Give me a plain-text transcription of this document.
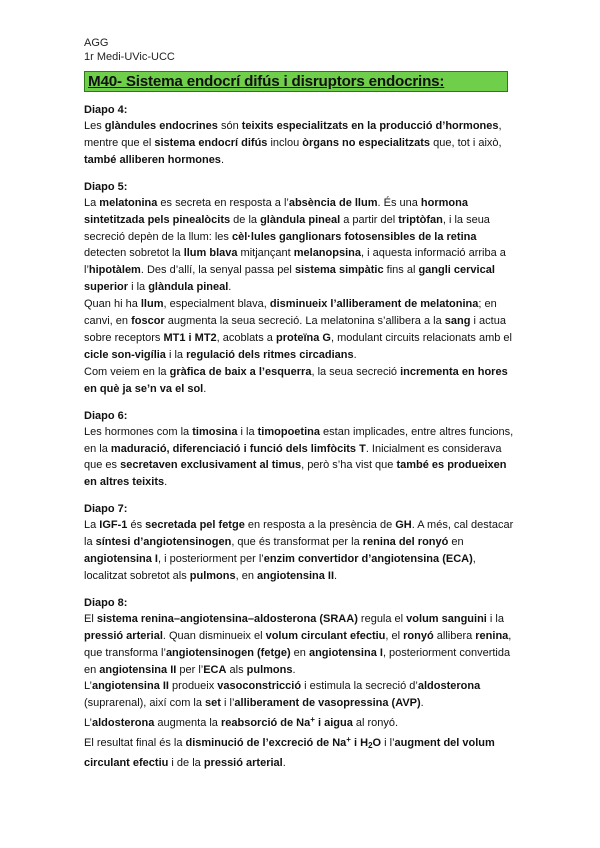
AGG
1r Medi-UVic-UCC
M40- Sistema endocrí difús i disruptors endocrins:
Diapo 4:

Les glàndules endocrines són teixits especialitzats en la producció d’hormones, mentre que el sistema endocrí difús inclou òrgans no especialitzats que, tot i això, també alliberen hormones.

Diapo 5:

La melatonina es secreta en resposta a l’absència de llum. És una hormona sintetitzada pels pinealòcits de la glàndula pineal a partir del triptòfan, i la seua secreció depèn de la llum: les cèl·lules ganglionars fotosensibles de la retina detecten sobretot la llum blava mitjançant melanopsina, i aquesta informació arriba a l’hipotàlem. Des d’allí, la senyal passa pel sistema simpàtic fins al gangli cervical superior i la glàndula pineal.

Quan hi ha llum, especialment blava, disminueix l’alliberament de melatonina; en canvi, en foscor augmenta la seua secreció. La melatonina s’allibera a la sang i actua sobre receptors MT1 i MT2, acoblats a proteïna G, modulant circuits relacionats amb el cicle son-vigília i la regulació dels ritmes circadians.

Com veiem en la gràfica de baix a l’esquerra, la seua secreció incrementa en hores en què ja se’n va el sol.

Diapo 6:

Les hormones com la timosina i la timopoetina estan implicades, entre altres funcions, en la maduració, diferenciació i funció dels limfòcits T. Inicialment es considerava que es secretaven exclusivament al timus, però s’ha vist que també es produeixen en altres teixits.

Diapo 7:

La IGF-1 és secretada pel fetge en resposta a la presència de GH. A més, cal destacar la síntesi d’angiotensinogen, que és transformat per la renina del ronyó en angiotensina I, i posteriorment per l’enzim convertidor d’angiotensina (ECA), localitzat sobretot als pulmons, en angiotensina II.

Diapo 8:

El sistema renina–angiotensina–aldosterona (SRAA) regula el volum sanguini i la pressió arterial. Quan disminueix el volum circulant efectiu, el ronyó allibera renina, que transforma l’angiotensinogen (fetge) en angiotensina I, posteriorment convertida en angiotensina II per l’ECA als pulmons.

L’angiotensina II produeix vasoconstricció i estimula la secreció d’aldosterona (suprarenal), així com la set i l’alliberament de vasopressina (AVP).

L’aldosterona augmenta la reabsorció de Na+ i aigua al ronyó.

El resultat final és la disminució de l’excreció de Na+ i $H_2O$ i l’augment del volum circulant efectiu i de la pressió arterial.
